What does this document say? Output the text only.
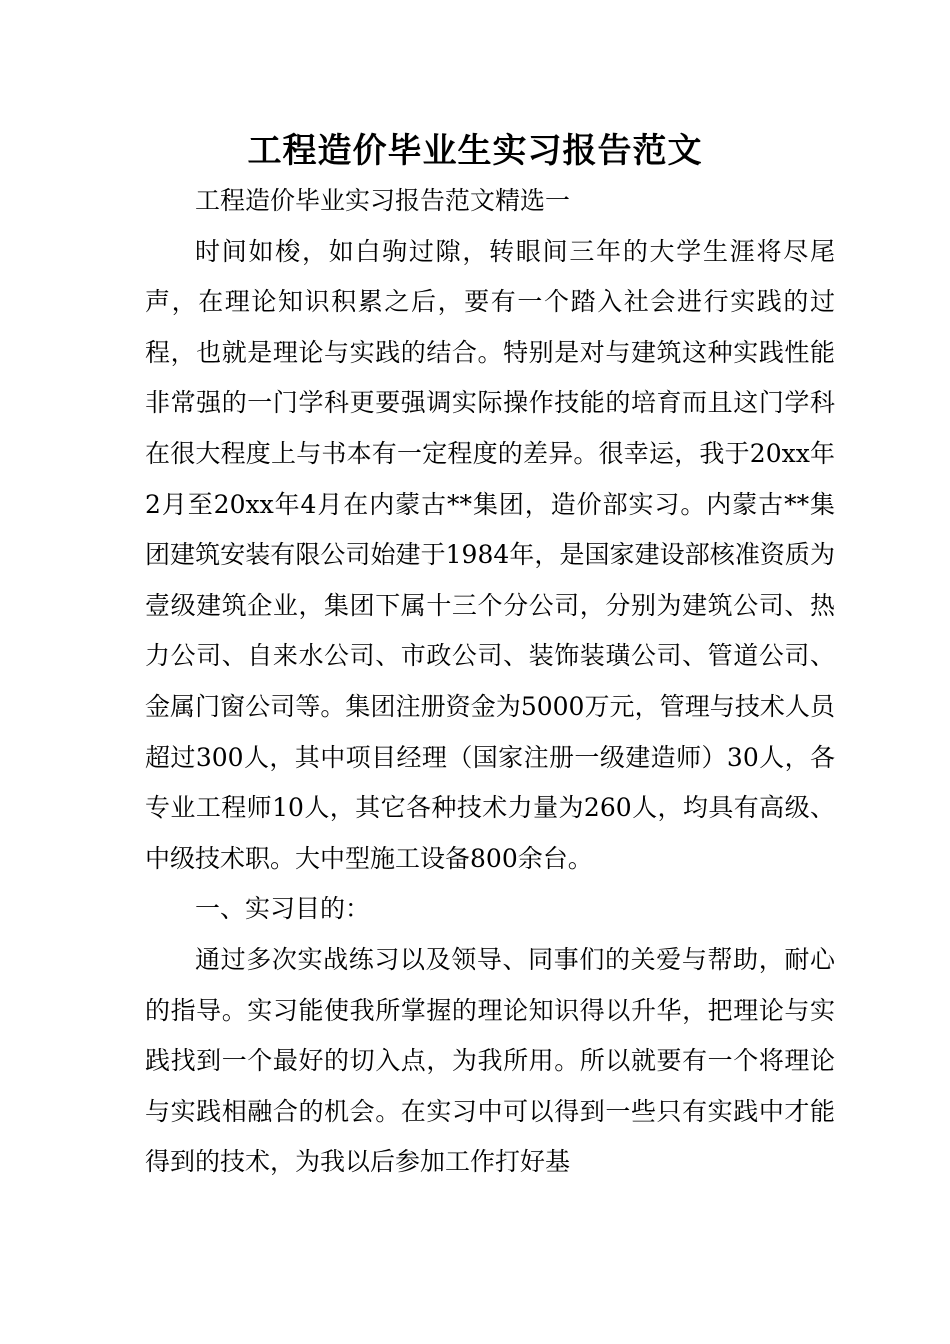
工程造价毕业生实习报告范文

工程造价毕业实习报告范文精选一

时间如梭，如白驹过隙，转眼间三年的大学生涯将尽尾声，在理论知识积累之后，要有一个踏入社会进行实践的过程，也就是理论与实践的结合。特别是对与建筑这种实践性能非常强的一门学科更要强调实际操作技能的培育而且这门学科在很大程度上与书本有一定程度的差异。很幸运，我于20xx年2月至20xx年4月在内蒙古**集团，造价部实习。内蒙古**集团建筑安装有限公司始建于1984年，是国家建设部核准资质为壹级建筑企业，集团下属十三个分公司，分别为建筑公司、热力公司、自来水公司、市政公司、装饰装璜公司、管道公司、金属门窗公司等。集团注册资金为5000万元，管理与技术人员超过300人，其中项目经理（国家注册一级建造师）30人，各专业工程师10人，其它各种技术力量为260人，均具有高级、中级技术职。大中型施工设备800余台。

一、实习目的：

通过多次实战练习以及领导、同事们的关爱与帮助，耐心的指导。实习能使我所掌握的理论知识得以升华，把理论与实践找到一个最好的切入点，为我所用。所以就要有一个将理论与实践相融合的机会。在实习中可以得到一些只有实践中才能得到的技术，为我以后参加工作打好基
